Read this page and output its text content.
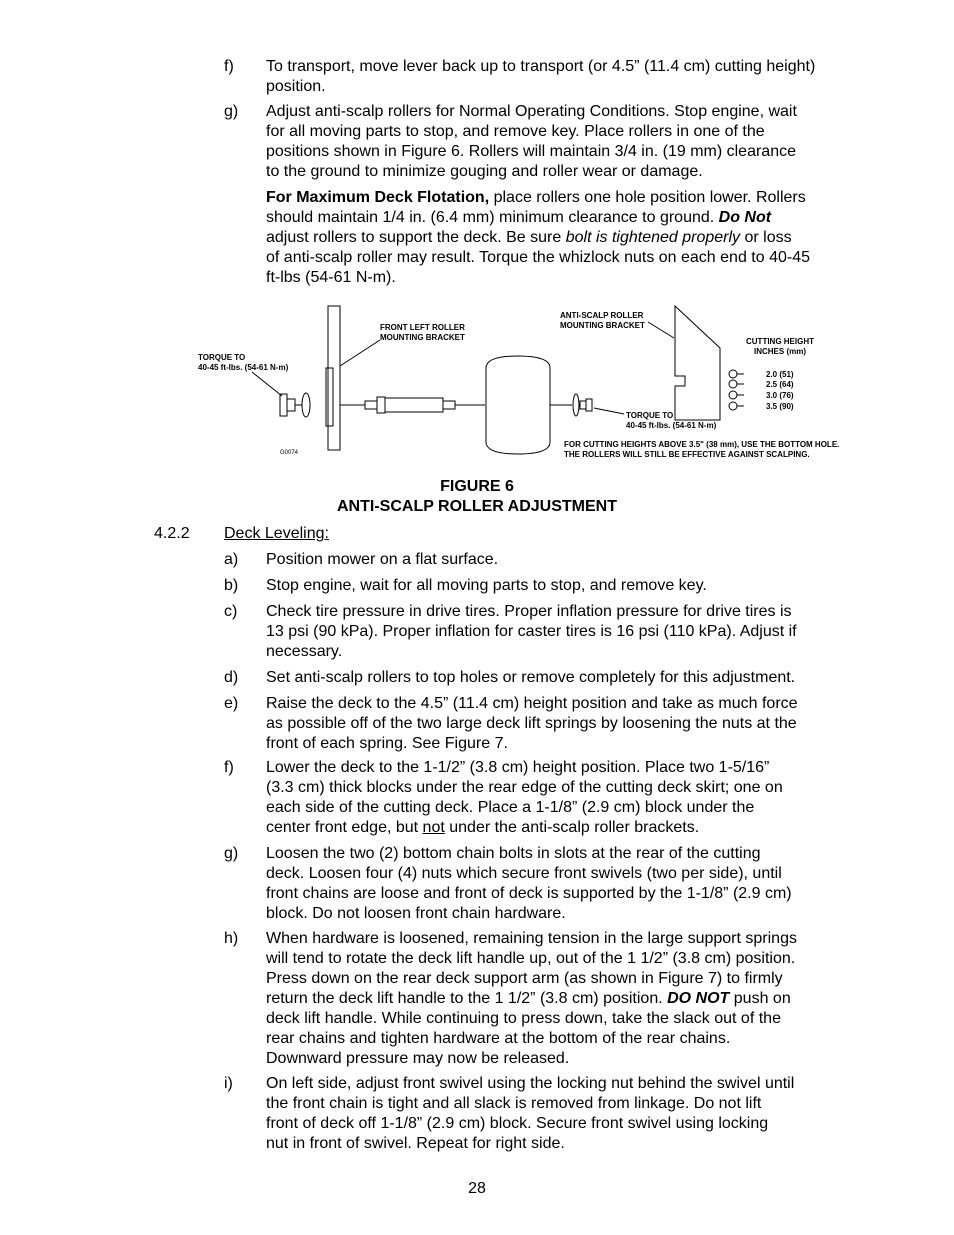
f) To transport, move lever back up to transport (or 4.5” (11.4 cm) cutting height)
position.
g) Adjust anti-scalp rollers for Normal Operating Conditions. Stop engine, wait
for all moving parts to stop, and remove key. Place rollers in one of the
positions shown in Figure 6. Rollers will maintain 3/4 in. (19 mm) clearance
to the ground to minimize gouging and roller wear or damage.
For Maximum Deck Flotation, place rollers one hole position lower. Rollers
should maintain 1/4 in. (6.4 mm) minimum clearance to ground. Do Not
adjust rollers to support the deck. Be sure bolt is tightened properly or loss
of anti-scalp roller may result. Torque the whizlock nuts on each end to 40-45
ft-lbs (54-61 N-m).
TORQUE TO
40-45 ft-lbs. (54-61 N-m)
FRONT LEFT ROLLER
MOUNTING BRACKET
TORQUE TO
40-45 ft-lbs. (54-61 N-m)
ANTI-SCALP ROLLER
MOUNTING BRACKET
CUTTING HEIGHT
INCHES (mm)
2.0 (51)
2.5 (64)
3.0 (76)
3.5 (90)
FOR CUTTING HEIGHTS ABOVE 3.5" (38 mm), USE THE BOTTOM HOLE.
THE ROLLERS WILL STILL BE EFFECTIVE AGAINST SCALPING.
G0074
FIGURE 6
ANTI-SCALP ROLLER ADJUSTMENT
4.2.2 Deck Leveling:
a) Position mower on a flat surface.
b) Stop engine, wait for all moving parts to stop, and remove key.
c) Check tire pressure in drive tires. Proper inflation pressure for drive tires is
13 psi (90 kPa). Proper inflation for caster tires is 16 psi (110 kPa). Adjust if
necessary.
d) Set anti-scalp rollers to top holes or remove completely for this adjustment.
e) Raise the deck to the 4.5” (11.4 cm) height position and take as much force
as possible off of the two large deck lift springs by loosening the nuts at the
front of each spring. See Figure 7.
f) Lower the deck to the 1-1/2” (3.8 cm) height position. Place two 1-5/16”
(3.3 cm) thick blocks under the rear edge of the cutting deck skirt; one on
each side of the cutting deck. Place a 1-1/8” (2.9 cm) block under the
center front edge, but not under the anti-scalp roller brackets.
g) Loosen the two (2) bottom chain bolts in slots at the rear of the cutting
deck. Loosen four (4) nuts which secure front swivels (two per side), until
front chains are loose and front of deck is supported by the 1-1/8” (2.9 cm)
block. Do not loosen front chain hardware.
h) When hardware is loosened, remaining tension in the large support springs
will tend to rotate the deck lift handle up, out of the 1 1/2” (3.8 cm) position.
Press down on the rear deck support arm (as shown in Figure 7) to firmly
return the deck lift handle to the 1 1/2” (3.8 cm) position. DO NOT push on
deck lift handle. While continuing to press down, take the slack out of the
rear chains and tighten hardware at the bottom of the rear chains.
Downward pressure may now be released.
i) On left side, adjust front swivel using the locking nut behind the swivel until
the front chain is tight and all slack is removed from linkage. Do not lift
front of deck off 1-1/8” (2.9 cm) block. Secure front swivel using locking
nut in front of swivel. Repeat for right side.
28
